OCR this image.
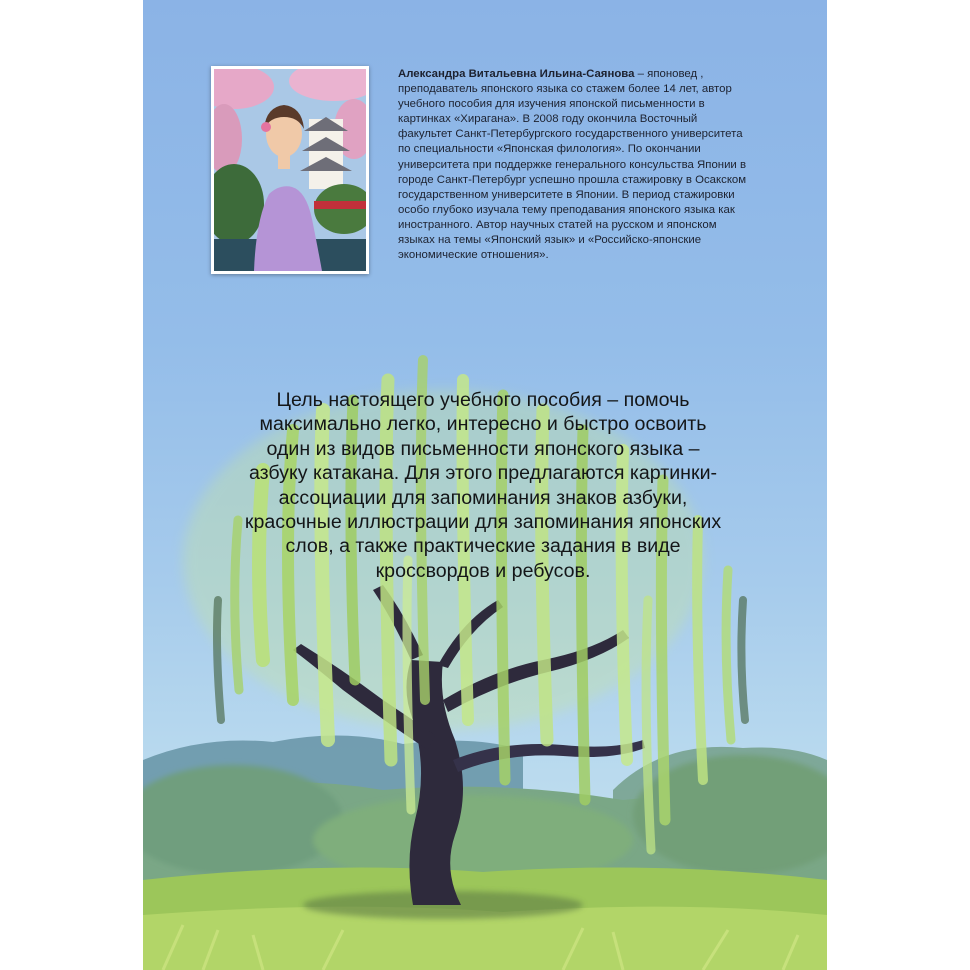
Александра Витальевна Ильина-Саянова – японовед , преподаватель японского языка со стажем более 14 лет, автор учебного пособия для изучения японской письменности в картинках «Хирагана». В 2008 году окончила Восточный факультет Санкт-Петербургского государственного университета по специальности «Японская филология». По окончании университета при поддержке генерального консульства Японии в городе Санкт-Петербург успешно прошла стажировку в Осакском государственном университете в Японии. В период стажировки особо глубоко изучала тему преподавания японского языка как иностранного. Автор научных статей на русском и японском языках на темы «Японский язык» и «Российско-японские экономические отношения».
Цель настоящего учебного пособия – помочь максимально легко, интересно и быстро освоить один из видов письменности японского языка – азбуку катакана. Для этого предлагаются картинки-ассоциации для запоминания знаков азбуки, красочные иллюстрации для запоминания японских слов, а также практические задания в виде кроссвордов и ребусов.
